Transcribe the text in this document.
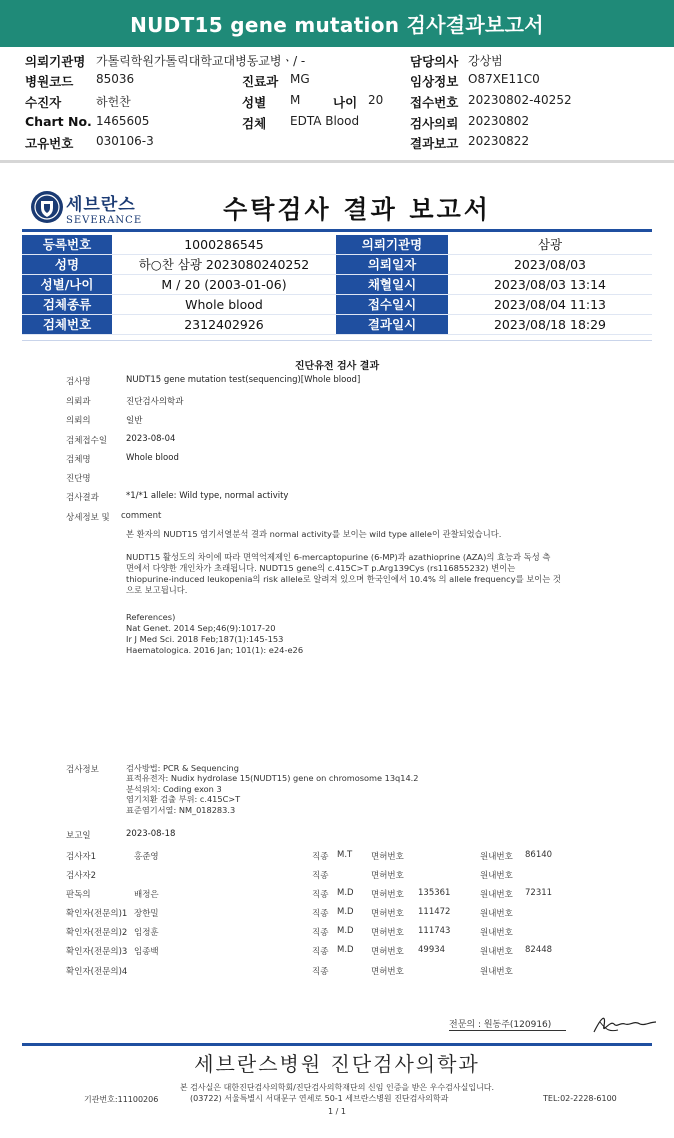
NUDT15 gene mutation 검사결과보고서
의뢰기관명 가톨릭학원가톨릭대학교대병동교병ㆍ/ -	담당의사 강상범
병원코드 85036	진료과 MG	임상정보 O87XE11C0
수진자	하헌찬	성별 M	나이 20 접수번호 20230802-40252
Chart No. 1465605	검체 EDTA Blood	검사의뢰 20230802
고유번호 030106-3	결과보고 20230822
세브란스
SEVERANCE	수탁검사 결과 보고서
등록번호	1000286545	의뢰기관명	삼광
성명	하○찬 삼광 2023080240252	의뢰일자	2023/08/03
성별/나이	M / 20 (2003-01-06)	채혈일시	2023/08/03 13:14
검체종류	Whole blood	접수일시	2023/08/04 11:13
검체번호	2312402926	결과일시	2023/08/18 18:29
진단유전 검사 결과
검사명	NUDT15 gene mutation test(sequencing)[Whole blood]
의뢰과	진단검사의학과
의뢰의	일반
검체접수일 2023-08-04
검체명	Whole blood
진단명
검사결과	*1/*1 allele: Wild type, normal activity
상세정보 및 comment
본 환자의 NUDT15 염기서열분석 결과 normal activity를 보이는 wild type allele이 관찰되었습니다.
NUDT15 활성도의 차이에 따라 면역억제제인 6-mercaptopurine (6-MP)과 azathioprine (AZA)의 효능과 독성 측
면에서 다양한 개인차가 초래됩니다. NUDT15 gene의 c.415C>T p.Arg139Cys (rs116855232) 변이는
thiopurine-induced leukopenia의 risk allele로 알려져 있으며 한국인에서 10.4% 의 allele frequency를 보이는 것
으로 보고됩니다.
References)
Nat Genet. 2014 Sep;46(9):1017-20
Ir J Med Sci. 2018 Feb;187(1):145-153
Haematologica. 2016 Jan; 101(1): e24-e26
검사정보	검사방법: PCR & Sequencing
표적유전자: Nudix hydrolase 15(NUDT15) gene on chromosome 13q14.2
분석위치: Coding exon 3
염기치환 검출 부위: c.415C>T
표준염기서열: NM_018283.3
보고일	2023-08-18
검사자1	홍준영	직종 M.T 면허번호	원내번호 86140
검사자2	직종	면허번호	원내번호
판독의	배정은	직종 M.D 면허번호 135361	원내번호 72311
확인자(전문의)1 장한밀	직종 M.D 면허번호 111472	원내번호
확인자(전문의)2 임정훈	직종 M.D 면허번호 111743	원내번호
확인자(전문의)3 임종백	직종 M.D 면허번호 49934	원내번호 82448
확인자(전문의)4	직종	면허번호	원내번호
전문의 : 원동주(120916)
세브란스병원 진단검사의학과
본 검사실은 대한진단검사의학회/진단검사의학재단의 신임 인증을 받은 우수검사실입니다.
기관번호:11100206	(03722) 서울특별시 서대문구 연세로 50-1 세브란스병원 진단검사의학과	TEL:02-2228-6100
1 / 1
